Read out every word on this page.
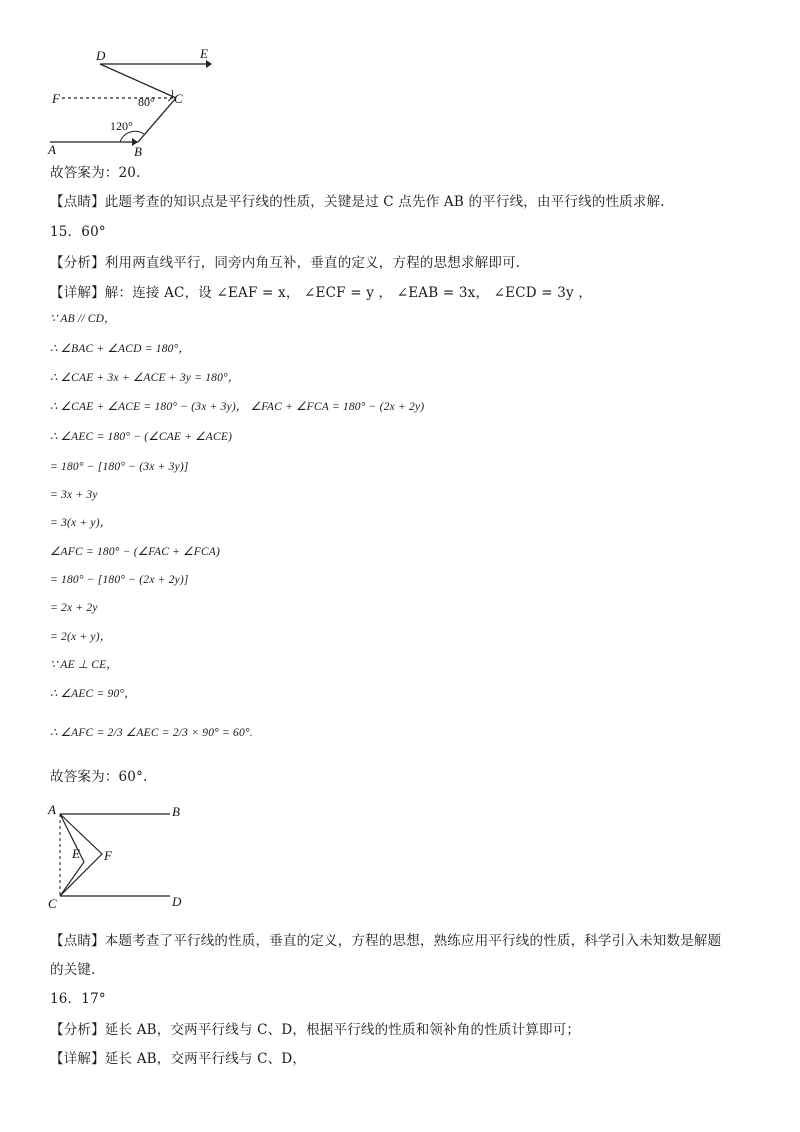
D	E
F	C
A	B
80°
120°
故答案为：20.
【点睛】此题考查的知识点是平行线的性质，关键是过 C 点先作 AB 的平行线，由平行线的性质求解.
15．60°
【分析】利用两直线平行，同旁内角互补，垂直的定义，方程的思想求解即可.
【详解】解：连接 AC，设 ∠EAF = x， ∠ECF = y ， ∠EAB = 3x， ∠ECD = 3y ，
∵ AB // CD，
∴ ∠BAC + ∠ACD = 180°，
∴ ∠CAE + 3x + ∠ACE + 3y = 180°，
∴ ∠CAE + ∠ACE = 180° − (3x + 3y)， ∠FAC + ∠FCA = 180° − (2x + 2y)
∴ ∠AEC = 180° − (∠CAE + ∠ACE)
= 180° − [180° − (3x + 3y)]
= 3x + 3y
= 3(x + y)，
∠AFC = 180° − (∠FAC + ∠FCA)
= 180° − [180° − (2x + 2y)]
= 2x + 2y
= 2(x + y)，
∵ AE ⊥ CE，
∴ ∠AEC = 90°，
∴ ∠AFC = 2/3 ∠AEC = 2/3 × 90° = 60°.
故答案为：60°.
A	B
E F
C	D
【点睛】本题考查了平行线的性质，垂直的定义，方程的思想，熟练应用平行线的性质，科学引入未知数是解题
的关键.
16．17°
【分析】延长 AB，交两平行线与 C、D，根据平行线的性质和领补角的性质计算即可；
【详解】延长 AB，交两平行线与 C、D，
